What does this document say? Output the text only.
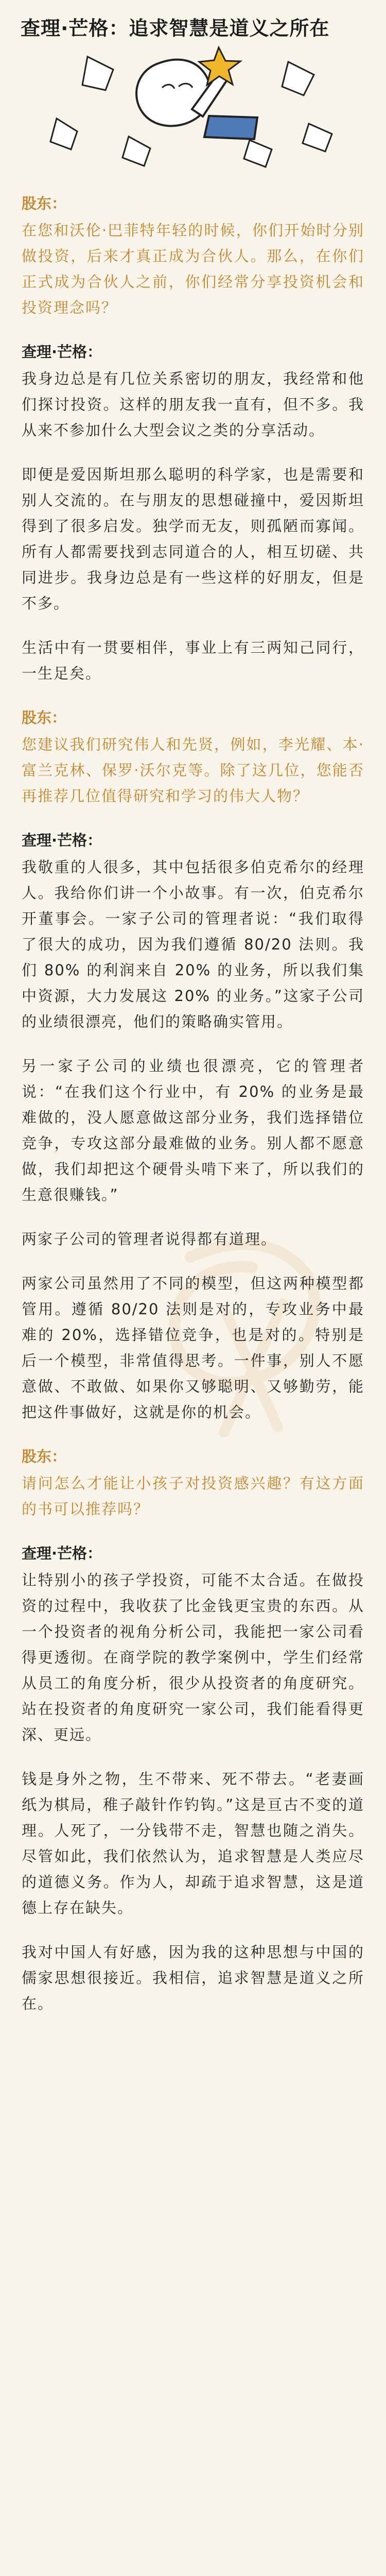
查理·芒格：追求智慧是道义之所在
股东：
在您和沃伦·巴菲特年轻的时候，你们开始时分别做投资，后来才真正成为合伙人。那么，在你们正式成为合伙人之前，你们经常分享投资机会和投资理念吗？
查理·芒格：

我身边总是有几位关系密切的朋友，我经常和他们探讨投资。这样的朋友我一直有，但不多。我从来不参加什么大型会议之类的分享活动。

即便是爱因斯坦那么聪明的科学家，也是需要和别人交流的。在与朋友的思想碰撞中，爱因斯坦得到了很多启发。独学而无友，则孤陋而寡闻。所有人都需要找到志同道合的人，相互切磋、共同进步。我身边总是有一些这样的好朋友，但是不多。

生活中有一贯要相伴，事业上有三两知己同行，一生足矣。

股东：
您建议我们研究伟人和先贤，例如，李光耀、本·富兰克林、保罗·沃尔克等。除了这几位，您能否再推荐几位值得研究和学习的伟大人物？
查理·芒格：

我敬重的人很多，其中包括很多伯克希尔的经理人。我给你们讲一个小故事。有一次，伯克希尔开董事会。一家子公司的管理者说：“我们取得了很大的成功，因为我们遵循 80/20 法则。我们 80% 的利润来自 20% 的业务，所以我们集中资源，大力发展这 20% 的业务。”这家子公司的业绩很漂亮，他们的策略确实管用。

另一家子公司的业绩也很漂亮，它的管理者说：“在我们这个行业中，有 20% 的业务是最难做的，没人愿意做这部分业务，我们选择错位竞争，专攻这部分最难做的业务。别人都不愿意做，我们却把这个硬骨头啃下来了，所以我们的生意很赚钱。”

两家子公司的管理者说得都有道理。

两家公司虽然用了不同的模型，但这两种模型都管用。遵循 80/20 法则是对的，专攻业务中最难的 20%，选择错位竞争，也是对的。特别是后一个模型，非常值得思考。一件事，别人不愿意做、不敢做、如果你又够聪明、又够勤劳，能把这件事做好，这就是你的机会。

股东：
请问怎么才能让小孩子对投资感兴趣？有这方面的书可以推荐吗？
查理·芒格：

让特别小的孩子学投资，可能不太合适。在做投资的过程中，我收获了比金钱更宝贵的东西。从一个投资者的视角分析公司，我能把一家公司看得更透彻。在商学院的教学案例中，学生们经常从员工的角度分析，很少从投资者的角度研究。站在投资者的角度研究一家公司，我们能看得更深、更远。

钱是身外之物，生不带来、死不带去。“老妻画纸为棋局，稚子敲针作钓钩。”这是亘古不变的道理。人死了，一分钱带不走，智慧也随之消失。尽管如此，我们依然认为，追求智慧是人类应尽的道德义务。作为人，却疏于追求智慧，这是道德上存在缺失。

我对中国人有好感，因为我的这种思想与中国的儒家思想很接近。我相信，追求智慧是道义之所在。
